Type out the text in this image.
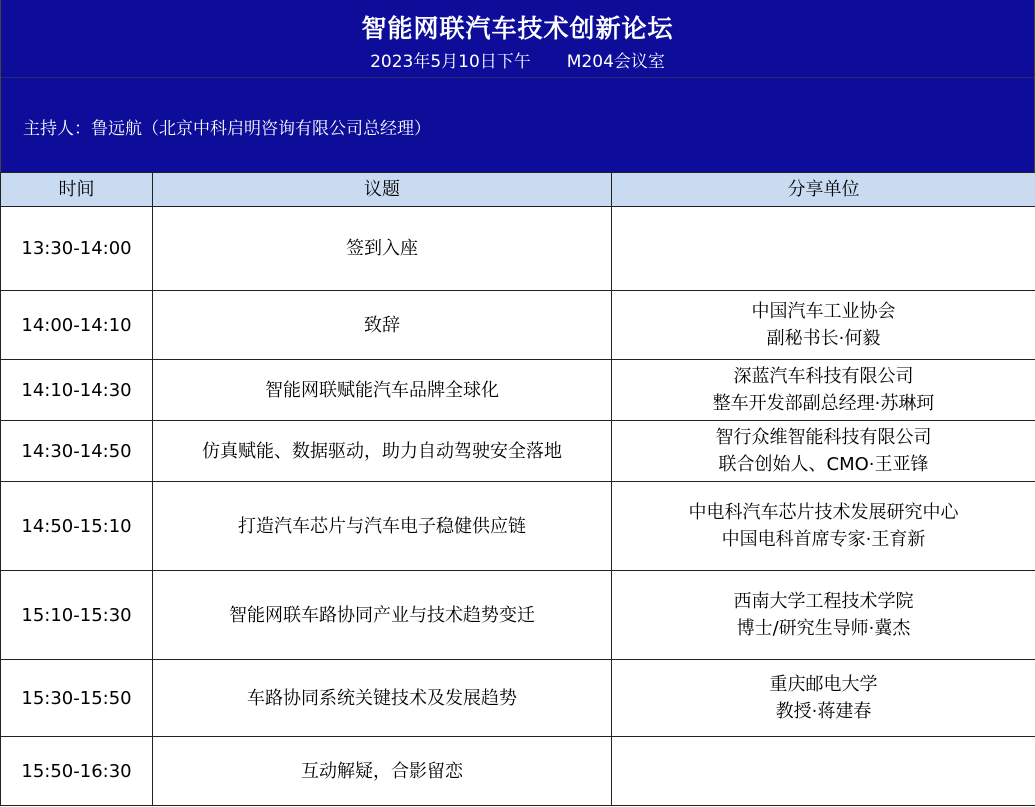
智能网联汽车技术创新论坛
2023年5月10日下午 M204会议室
主持人：鲁远航（北京中科启明咨询有限公司总经理）
时间	议题	分享单位
13:30-14:00	签到入座	

14:00-14:10	致辞	中国汽车工业协会
副秘书长·何毅

14:10-14:30	智能网联赋能汽车品牌全球化	深蓝汽车科技有限公司
整车开发部副总经理·苏琳珂

14:30-14:50	仿真赋能、数据驱动，助力自动驾驶安全落地	智行众维智能科技有限公司
联合创始人、CMO·王亚锋

14:50-15:10	打造汽车芯片与汽车电子稳健供应链	中电科汽车芯片技术发展研究中心
中国电科首席专家·王育新

15:10-15:30	智能网联车路协同产业与技术趋势变迁	西南大学工程技术学院
博士/研究生导师·冀杰

15:30-15:50	车路协同系统关键技术及发展趋势	重庆邮电大学
教授·蒋建春

15:50-16:30	互动解疑，合影留恋	
